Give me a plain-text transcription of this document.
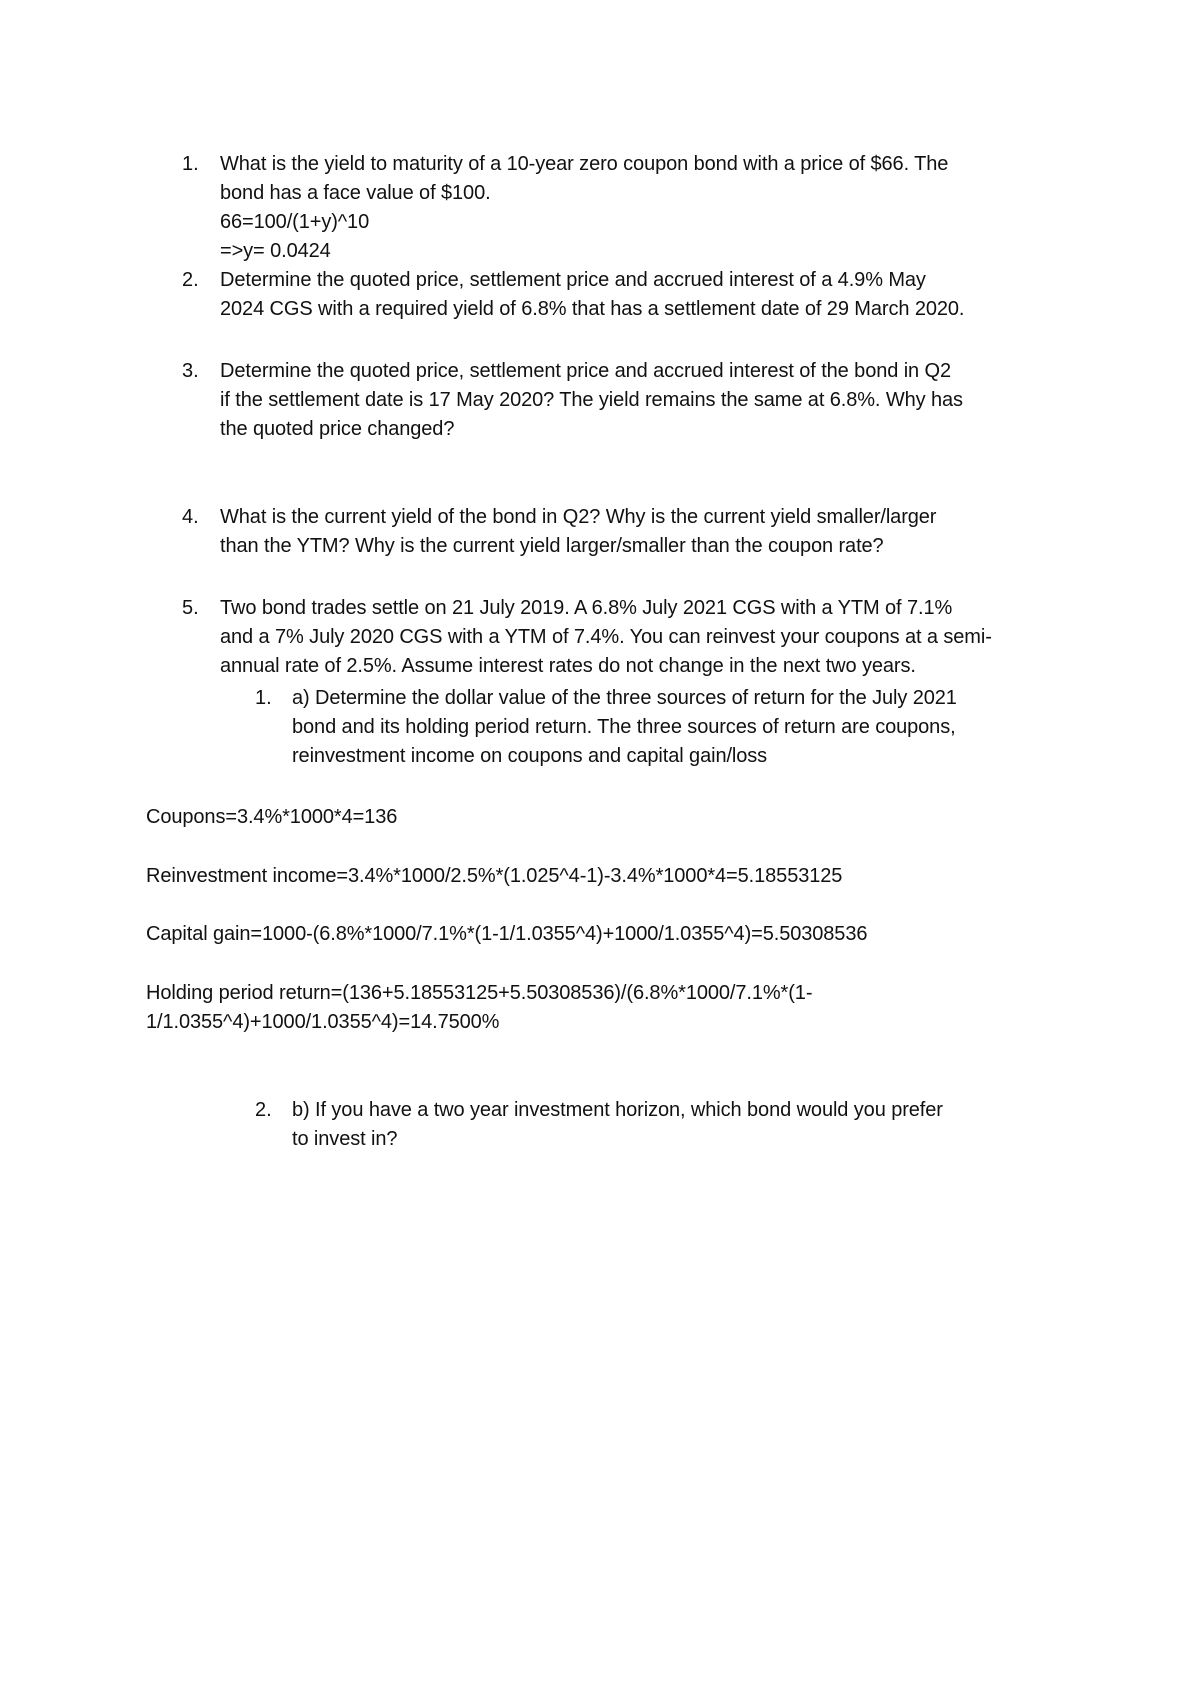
1. What is the yield to maturity of a 10-year zero coupon bond with a price of $66. The
bond has a face value of $100.
66=100/(1+y)^10
=>y= 0.0424
2. Determine the quoted price, settlement price and accrued interest of a 4.9% May
2024 CGS with a required yield of 6.8% that has a settlement date of 29 March 2020.
3. Determine the quoted price, settlement price and accrued interest of the bond in Q2
if the settlement date is 17 May 2020? The yield remains the same at 6.8%. Why has
the quoted price changed?
4. What is the current yield of the bond in Q2? Why is the current yield smaller/larger
than the YTM? Why is the current yield larger/smaller than the coupon rate?
5. Two bond trades settle on 21 July 2019. A 6.8% July 2021 CGS with a YTM of 7.1%
and a 7% July 2020 CGS with a YTM of 7.4%. You can reinvest your coupons at a semi-
annual rate of 2.5%. Assume interest rates do not change in the next two years.
1. a) Determine the dollar value of the three sources of return for the July 2021
bond and its holding period return. The three sources of return are coupons,
reinvestment income on coupons and capital gain/loss
Coupons=3.4%*1000*4=136
Reinvestment income=3.4%*1000/2.5%*(1.025^4-1)-3.4%*1000*4=5.18553125
Capital gain=1000-(6.8%*1000/7.1%*(1-1/1.0355^4)+1000/1.0355^4)=5.50308536
Holding period return=(136+5.18553125+5.50308536)/(6.8%*1000/7.1%*(1-
1/1.0355^4)+1000/1.0355^4)=14.7500%
2. b) If you have a two year investment horizon, which bond would you prefer
to invest in?
